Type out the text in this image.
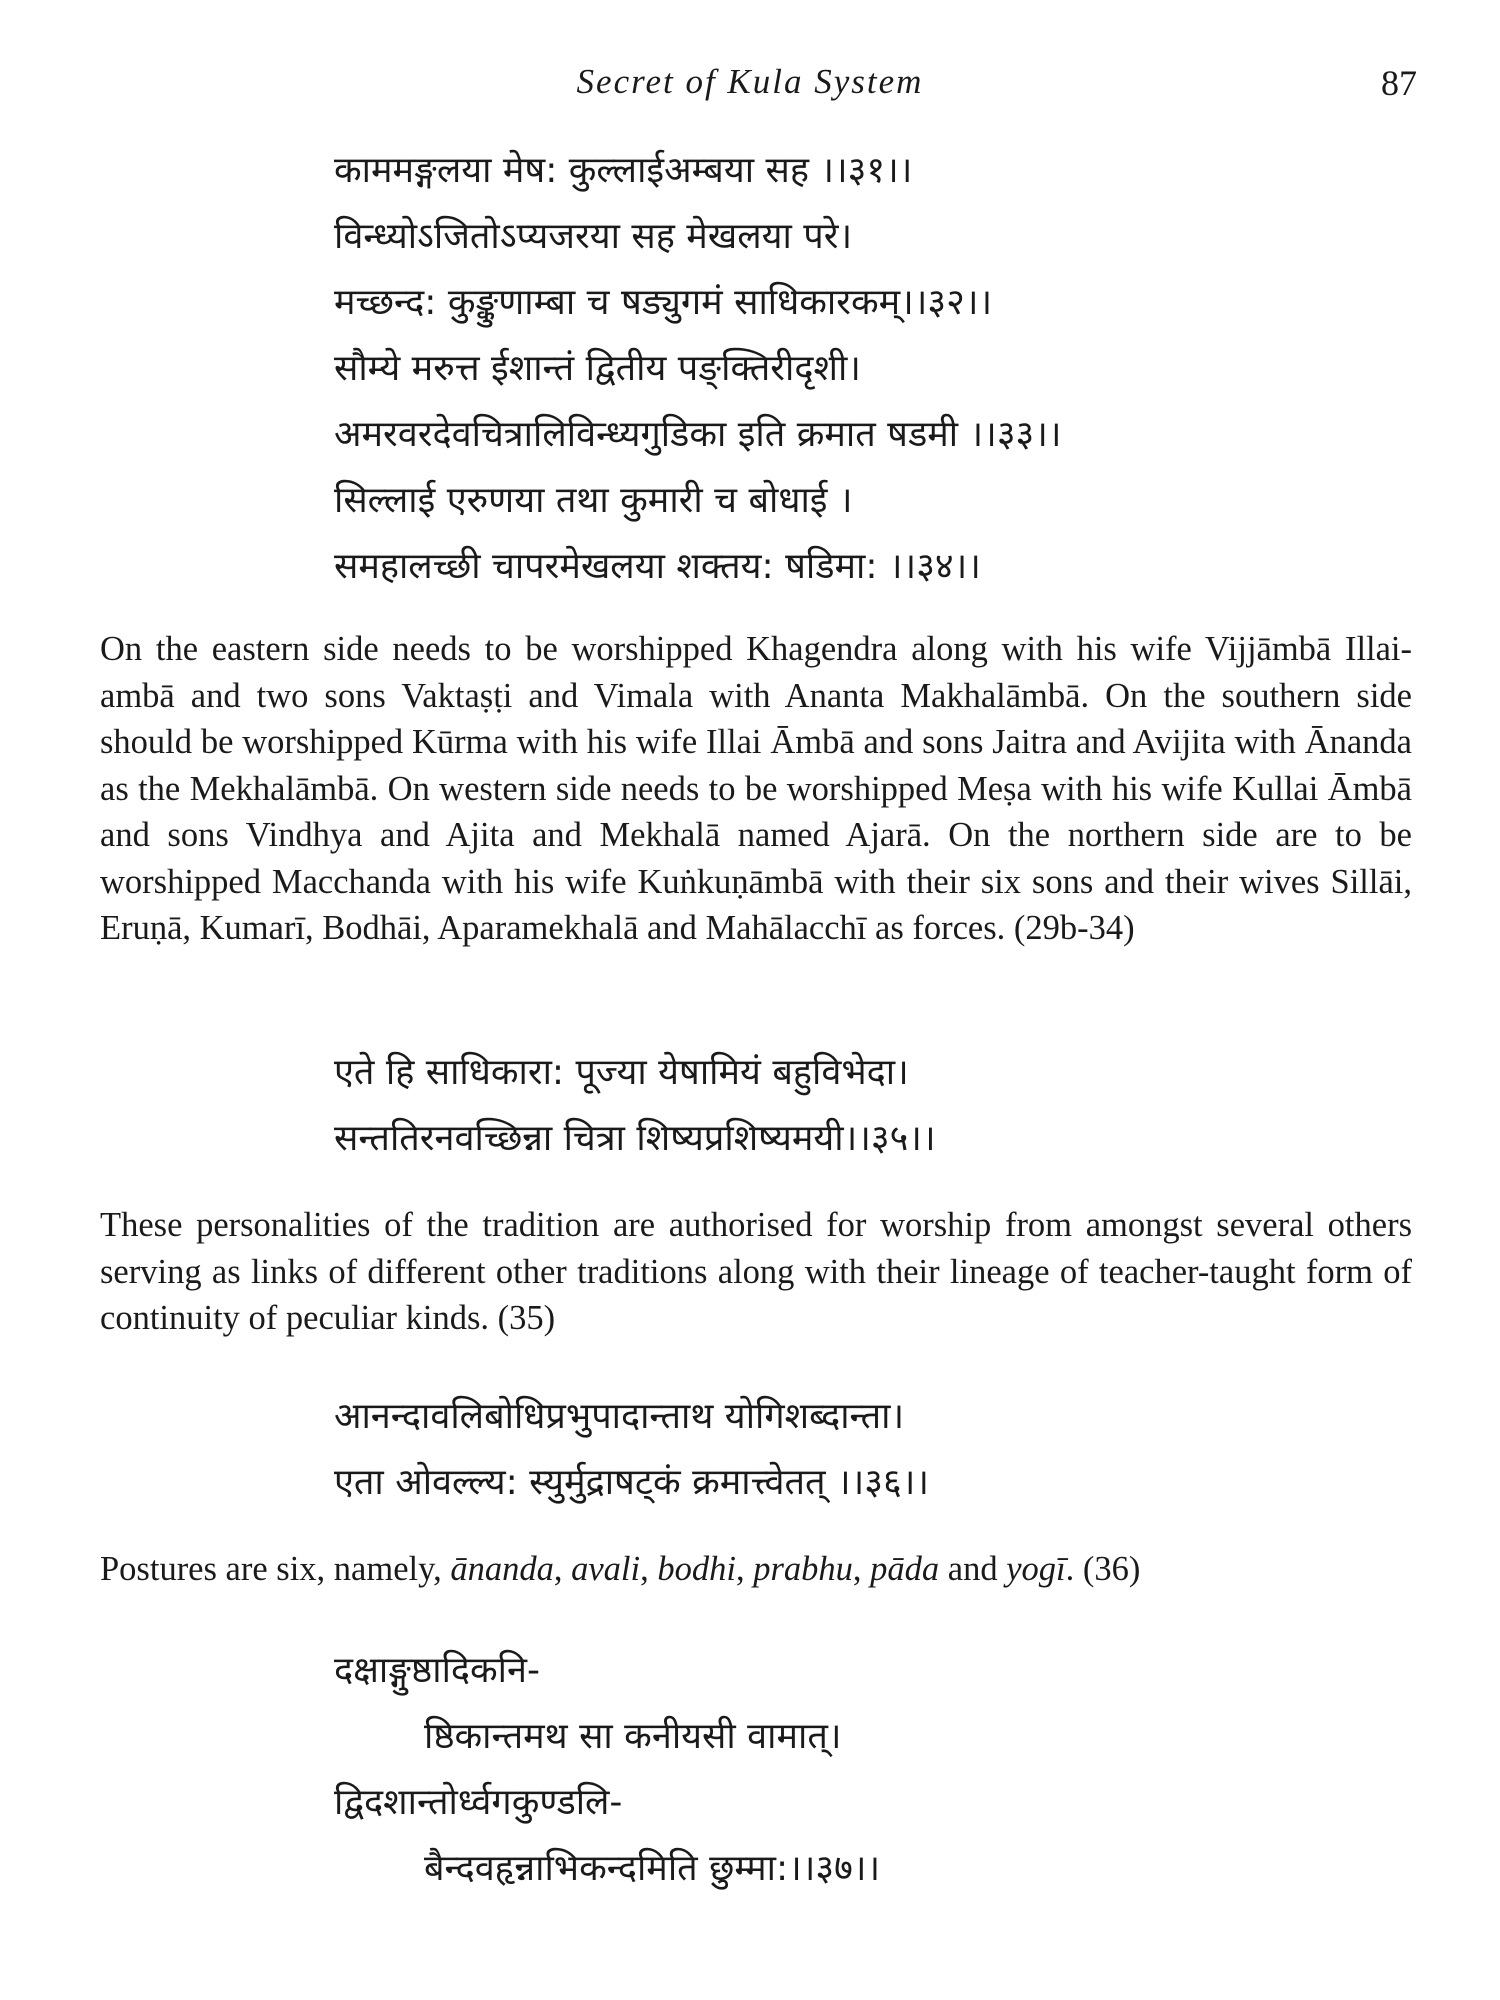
Secret of Kula System	87
काममङ्गलया मेष: कुल्लाईअम्बया सह ।।३१।।
विन्ध्योऽजितोऽप्यजरया सह मेखलया परे।
मच्छन्द: कुङ्कुणाम्बा च षड्युगमं साधिकारकम्।।३२।।
सौम्ये मरुत्त ईशान्तं द्वितीय पङ्क्तिरीदृशी।
अमरवरदेवचित्रालिविन्ध्यगुडिका इति क्रमात षडमी ।।३३।।
सिल्लाई एरुणया तथा कुमारी च बोधाई ।
समहालच्छी चापरमेखलया शक्तय: षडिमा: ।।३४।।

On the eastern side needs to be worshipped Khagendra along with his wife Vijjāmbā Illai-ambā and two sons Vaktaṣṭi and Vimala with Ananta Makhalāmbā. On the southern side should be worshipped Kūrma with his wife Illai Āmbā and sons Jaitra and Avijita with Ānanda as the Mekhalāmbā. On western side needs to be worshipped Meṣa with his wife Kullai Āmbā and sons Vindhya and Ajita and Mekhalā named Ajarā. On the northern side are to be worshipped Macchanda with his wife Kuṅkuṇāmbā with their six sons and their wives Sillāi, Eruṇā, Kumarī, Bodhāi, Aparamekhalā and Mahālacchī as forces. (29b-34)

एते हि साधिकारा: पूज्या येषामियं बहुविभेदा।
सन्ततिरनवच्छिन्ना चित्रा शिष्यप्रशिष्यमयी।।३५।।

These personalities of the tradition are authorised for worship from amongst several others serving as links of different other traditions along with their lineage of teacher-taught form of continuity of peculiar kinds. (35)

आनन्दावलिबोधिप्रभुपादान्ताथ योगिशब्दान्ता।
एता ओवल्ल्य: स्युर्मुद्राषट्कं क्रमात्त्वेतत् ।।३६।।

Postures are six, namely, ānanda, avali, bodhi, prabhu, pāda and yogī. (36)

दक्षाङ्गुष्ठादिकनि-
ष्ठिकान्तमथ सा कनीयसी वामात्।
द्विदशान्तोर्ध्वगकुण्डलि-
बैन्दवहृन्नाभिकन्दमिति छुम्मा:।।३७।।
